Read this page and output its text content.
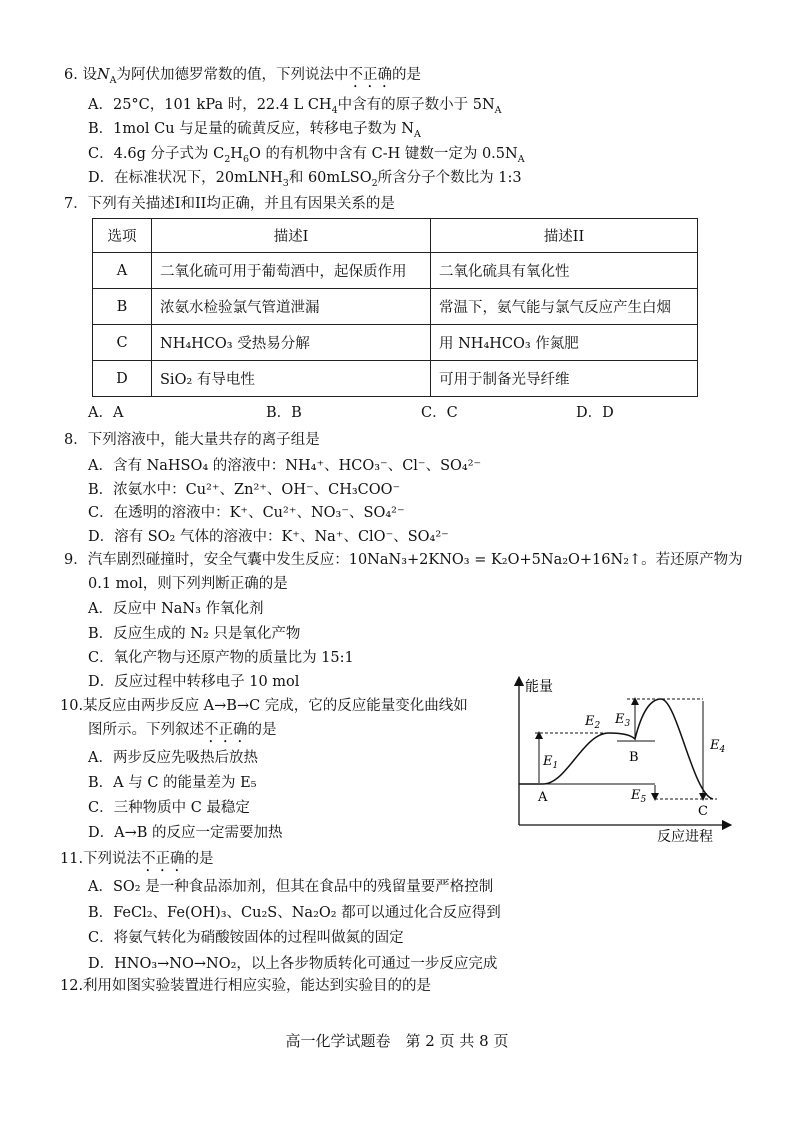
6. 设$N_A$为阿伏加德罗常数的值，下列说法中不正确的是
A．25°C，101 kPa 时，22.4 L $CH_4$中含有的原子数小于 $5N_A$
B．1mol Cu 与足量的硫黄反应，转移电子数为 $N_A$
C．4.6g 分子式为 $C_2H_6O$ 的有机物中含有 C-H 键数一定为 $0.5N_A$
D．在标准状况下，20mLNH$_3$和 60mLSO$_2$所含分子个数比为 1:3
7．下列有关描述I和II均正确，并且有因果关系的是
选项	描述I	描述II
A	二氧化硫可用于葡萄酒中，起保质作用	二氧化硫具有氧化性
B	浓氨水检验氯气管道泄漏	常温下，氨气能与氯气反应产生白烟
C	NH₄HCO₃ 受热易分解	用 NH₄HCO₃ 作氮肥
D	SiO₂ 有导电性	可用于制备光导纤维
A．A	B．B	C．C	D．D
8．下列溶液中，能大量共存的离子组是
A．含有 NaHSO₄ 的溶液中：NH₄⁺、HCO₃⁻、Cl⁻、SO₄²⁻
B．浓氨水中：Cu²⁺、Zn²⁺、OH⁻、CH₃COO⁻
C．在透明的溶液中：K⁺、Cu²⁺、NO₃⁻、SO₄²⁻
D．溶有 SO₂ 气体的溶液中：K⁺、Na⁺、ClO⁻、SO₄²⁻
9．汽车剧烈碰撞时，安全气囊中发生反应：10NaN₃+2KNO₃ = K₂O+5Na₂O+16N₂↑。若还原产物为
0.1 mol，则下列判断正确的是
A．反应中 NaN₃ 作氧化剂
B．反应生成的 N₂ 只是氧化产物
C．氧化产物与还原产物的质量比为 15:1
D．反应过程中转移电子 10 mol
10.某反应由两步反应 A→B→C 完成，它的反应能量变化曲线如
图所示。下列叙述不正确的是
A．两步反应先吸热后放热
B．A 与 C 的能量差为 E₅
C．三种物质中 C 最稳定
D．A→B 的反应一定需要加热
能量
A
B
C
$E_1$
$E_2$ $E_3$
$E_4$
$E_5$
反应进程
11.下列说法不正确的是
A．SO₂ 是一种食品添加剂，但其在食品中的残留量要严格控制
B．FeCl₂、Fe(OH)₃、Cu₂S、Na₂O₂ 都可以通过化合反应得到
C．将氨气转化为硝酸铵固体的过程叫做氮的固定
D．HNO₃→NO→NO₂，以上各步物质转化可通过一步反应完成
12.利用如图实验装置进行相应实验，能达到实验目的的是
高一化学试题卷　第 2 页 共 8 页
